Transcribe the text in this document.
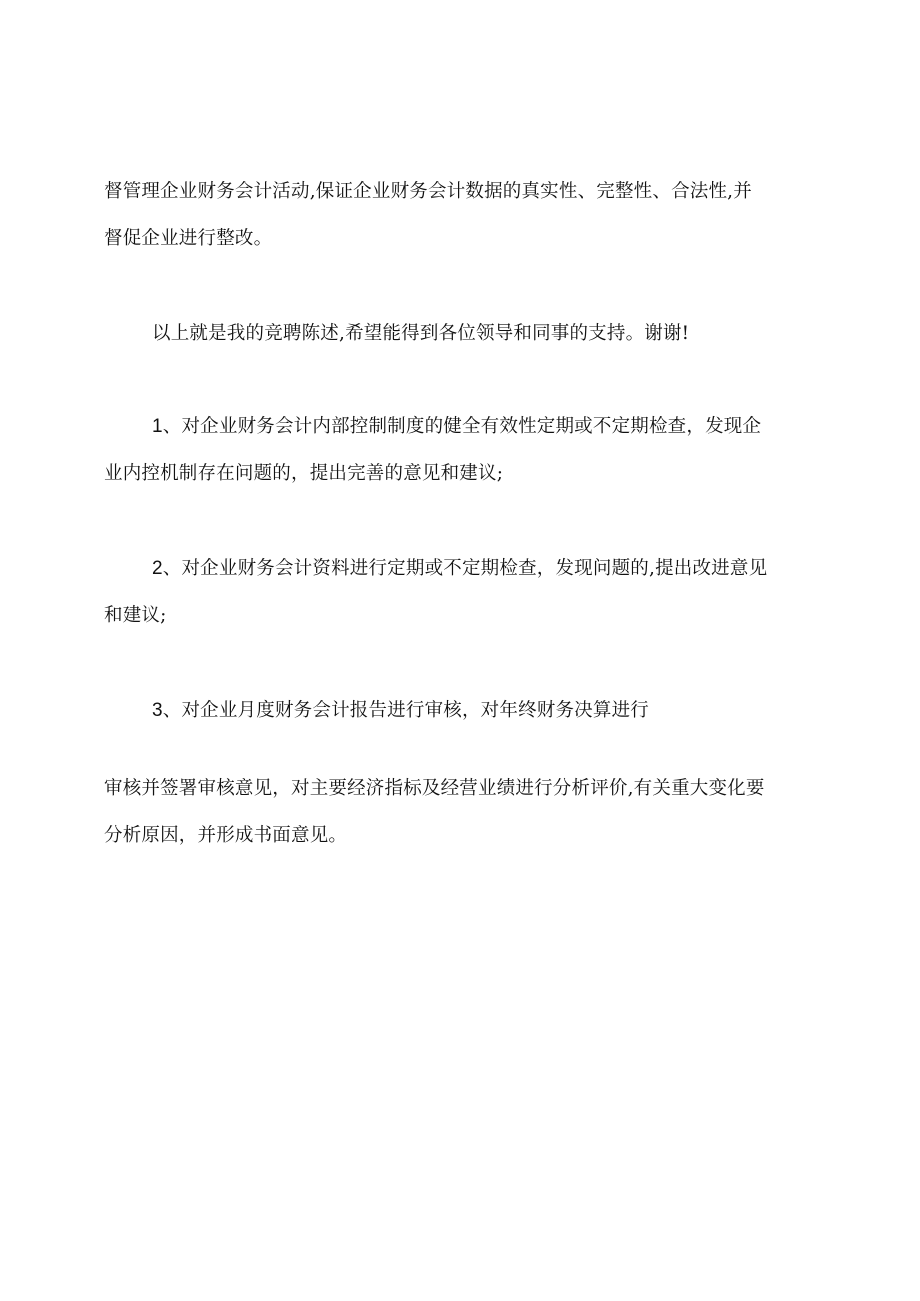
督管理企业财务会计活动,保证企业财务会计数据的真实性、完整性、合法性,并
督促企业进行整改。

以上就是我的竞聘陈述,希望能得到各位领导和同事的支持。谢谢!

1、对企业财务会计内部控制制度的健全有效性定期或不定期检查，发现企
业内控机制存在问题的，提出完善的意见和建议;

2、对企业财务会计资料进行定期或不定期检查，发现问题的,提出改进意见
和建议;

3、对企业月度财务会计报告进行审核，对年终财务决算进行

审核并签署审核意见，对主要经济指标及经营业绩进行分析评价,有关重大变化要
分析原因，并形成书面意见。
